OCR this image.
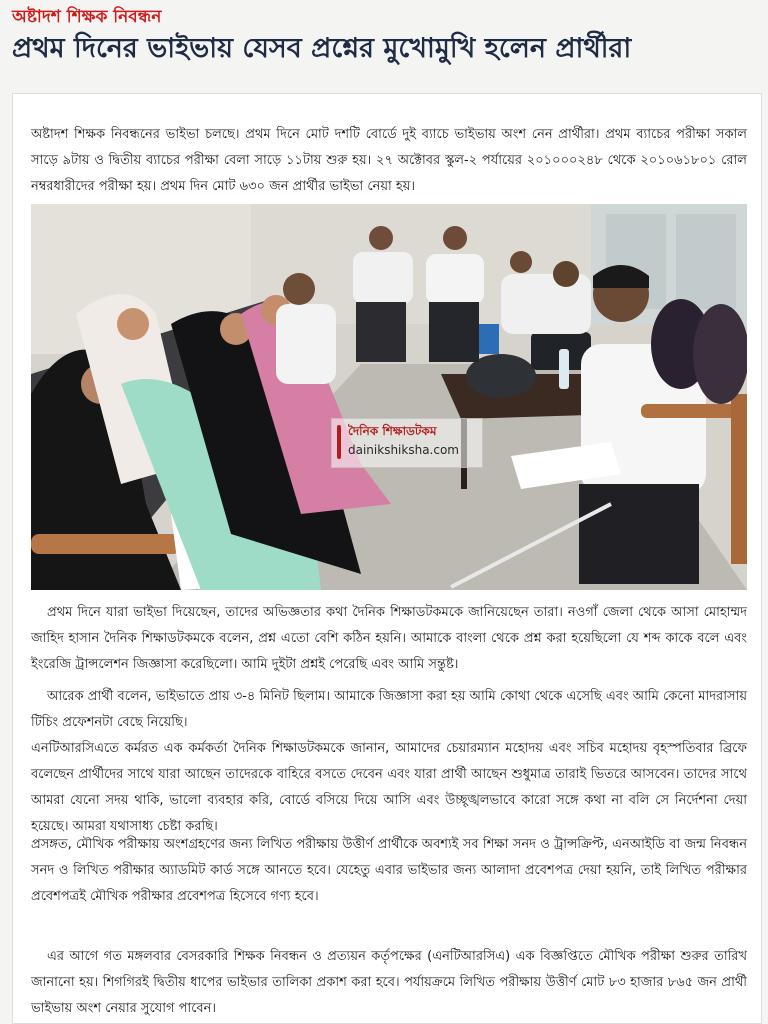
অষ্টাদশ শিক্ষক নিবন্ধন
প্রথম দিনের ভাইভায় যেসব প্রশ্নের মুখোমুখি হলেন প্রার্থীরা
অষ্টাদশ শিক্ষক নিবন্ধনের ভাইভা চলছে। প্রথম দিনে মোট দশটি বোর্ডে দুই ব্যাচে ভাইভায় অংশ নেন প্রার্থীরা। প্রথম ব্যাচের পরীক্ষা সকাল সাড়ে ৯টায় ও দ্বিতীয় ব্যাচের পরীক্ষা বেলা সাড়ে ১১টায় শুরু হয়। ২৭ অক্টোবর স্কুল-২ পর্যায়ের ২০১০০০২৪৮ থেকে ২০১০৬১৮০১ রোল নম্বরধারীদের পরীক্ষা হয়। প্রথম দিন মোট ৬৩০ জন প্রার্থীর ভাইভা নেয়া হয়।
দৈনিক শিক্ষাডটকম
dainikshiksha.com
প্রথম দিনে যারা ভাইভা দিয়েছেন, তাদের অভিজ্ঞতার কথা দৈনিক শিক্ষাডটকমকে জানিয়েছেন তারা। নওগাঁ জেলা থেকে আসা মোহাম্মদ জাহিদ হাসান দৈনিক শিক্ষাডটকমকে বলেন, প্রশ্ন এতো বেশি কঠিন হয়নি। আমাকে বাংলা থেকে প্রশ্ন করা হয়েছিলো যে শব্দ কাকে বলে এবং ইংরেজি ট্রান্সলেশন জিজ্ঞাসা করেছিলো। আমি দুইটা প্রশ্নই পেরেছি এবং আমি সন্তুষ্ট।
আরেক প্রার্থী বলেন, ভাইভাতে প্রায় ৩-৪ মিনিট ছিলাম। আমাকে জিজ্ঞাসা করা হয় আমি কোথা থেকে এসেছি এবং আমি কেনো মাদরাসায় টিচিং প্রফেশনটা বেছে নিয়েছি।
এনটিআরসিএতে কর্মরত এক কর্মকর্তা দৈনিক শিক্ষাডটকমকে জানান, আমাদের চেয়ারম্যান মহোদয় এবং সচিব মহোদয় বৃহস্পতিবার ব্রিফে বলেছেন প্রার্থীদের সাথে যারা আছেন তাদেরকে বাহিরে বসতে দেবেন এবং যারা প্রার্থী আছেন শুধুমাত্র তারাই ভিতরে আসবেন। তাদের সাথে আমরা যেনো সদয় থাকি, ভালো ব্যবহার করি, বোর্ডে বসিয়ে দিয়ে আসি এবং উচ্ছৃঙ্খলভাবে কারো সঙ্গে কথা না বলি সে নির্দেশনা দেয়া হয়েছে। আমরা যথাসাধ্য চেষ্টা করছি।
প্রসঙ্গত, মৌখিক পরীক্ষায় অংশগ্রহণের জন্য লিখিত পরীক্ষায় উত্তীর্ণ প্রার্থীকে অবশ্যই সব শিক্ষা সনদ ও ট্রান্সক্রিপ্ট, এনআইডি বা জন্ম নিবন্ধন সনদ ও লিখিত পরীক্ষার অ্যাডমিট কার্ড সঙ্গে আনতে হবে। যেহেতু এবার ভাইভার জন্য আলাদা প্রবেশপত্র দেয়া হয়নি, তাই লিখিত পরীক্ষার প্রবেশপত্রই মৌখিক পরীক্ষার প্রবেশপত্র হিসেবে গণ্য হবে।
এর আগে গত মঙ্গলবার বেসরকারি শিক্ষক নিবন্ধন ও প্রত্যয়ন কর্তৃপক্ষের (এনটিআরসিএ) এক বিজ্ঞপ্তিতে মৌখিক পরীক্ষা শুরুর তারিখ জানানো হয়। শিগগিরই দ্বিতীয় ধাপের ভাইভার তালিকা প্রকাশ করা হবে। পর্যায়ক্রমে লিখিত পরীক্ষায় উত্তীর্ণ মোট ৮৩ হাজার ৮৬৫ জন প্রার্থী ভাইভায় অংশ নেয়ার সুযোগ পাবেন।
